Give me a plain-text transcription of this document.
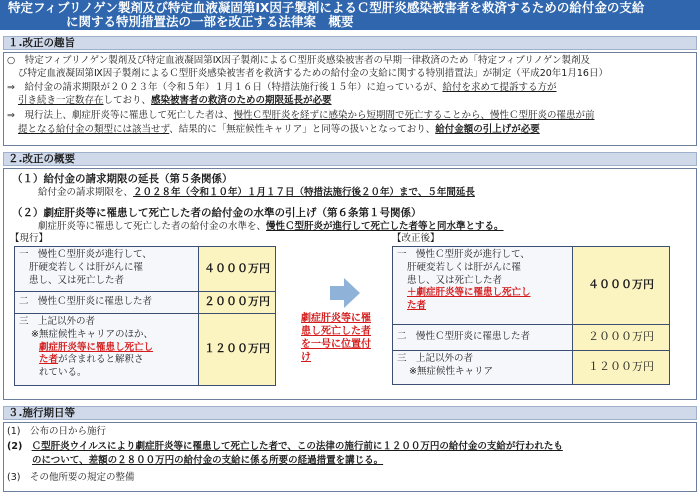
特定フィブリノゲン製剤及び特定血液凝固第Ⅸ因子製剤によるＣ型肝炎感染被害者を救済するための給付金の支給
に関する特別措置法の一部を改正する法律案　概要
１.改正の趣旨
○　特定フィブリノゲン製剤及び特定血液凝固第Ⅸ因子製剤によるＣ型肝炎感染被害者の早期一律救済のため「特定フィブリノゲン製剤及
び特定血液凝固第Ⅸ因子製剤によるＣ型肝炎感染被害者を救済するための給付金の支給に関する特別措置法」が制定（平成20年1月16日）
⇒　給付金の請求期限が２０２３年（令和５年）１月１６日（特措法施行後１５年）に迫っているが、給付を求めて提訴する方が
引き続き一定数存在しており、感染被害者の救済のための期限延長が必要
⇒　現行法上、劇症肝炎等に罹患して死亡した者は、慢性Ｃ型肝炎を経ずに感染から短期間で死亡することから、慢性Ｃ型肝炎の罹患が前
提となる給付金の類型には該当せず、結果的に「無症候性キャリア」と同等の扱いとなっており、給付金額の引上げが必要
２.改正の概要
（１）給付金の請求期限の延長（第５条関係）
給付金の請求期限を、２０２８年（令和１０年）１月１７日（特措法施行後２０年）まで、５年間延長
（２）劇症肝炎等に罹患して死亡した者の給付金の水準の引上げ（第６条第１号関係）
劇症肝炎等に罹患して死亡した者の給付金の水準を、慢性Ｃ型肝炎が進行して死亡した者等と同水準とする。
【現行】	【改正後】
一　慢性Ｃ型肝炎が進行して、
肝硬変若しくは肝がんに罹
患し、又は死亡した者	４０００万円
二　慢性Ｃ型肝炎に罹患した者	２０００万円

三　上記以外の者
※無症候性キャリアのほか、
劇症肝炎等に罹患し死亡し
た者が含まれると解釈さ
れている。	１２００万円
劇症肝炎等に罹
患し死亡した者
を一号に位置付
け
一　慢性Ｃ型肝炎が進行して、
肝硬変若しくは肝がんに罹
患し、又は死亡した者
＋劇症肝炎等に罹患し死亡し
た者	４０００万円
二　慢性Ｃ型肝炎に罹患した者	２０００万円

三　上記以外の者
※無症候性キャリア	１２００万円
３.施行期日等
(1)　公布の日から施行
(2) Ｃ型肝炎ウイルスにより劇症肝炎等に罹患して死亡した者で、この法律の施行前に１２００万円の給付金の支給が行われたも
のについて、差額の２８００万円の給付金の支給に係る所要の経過措置を講じる。
(3)　その他所要の規定の整備
